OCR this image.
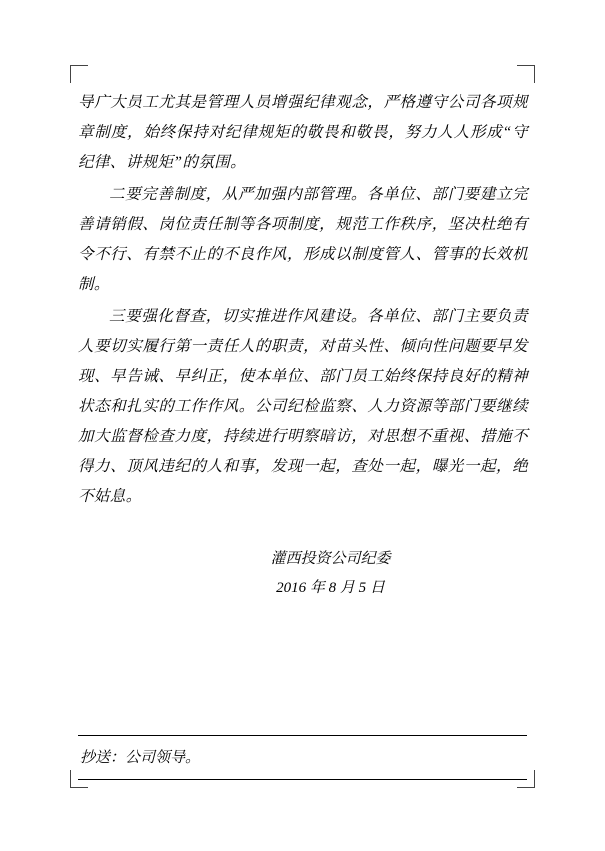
导广大员工尤其是管理人员增强纪律观念，严格遵守公司各项规章制度，始终保持对纪律规矩的敬畏和敬畏，努力人人形成“守纪律、讲规矩”的氛围。

二要完善制度，从严加强内部管理。各单位、部门要建立完善请销假、岗位责任制等各项制度，规范工作秩序，坚决杜绝有令不行、有禁不止的不良作风，形成以制度管人、管事的长效机制。

三要强化督查，切实推进作风建设。各单位、部门主要负责人要切实履行第一责任人的职责，对苗头性、倾向性问题要早发现、早告诫、早纠正，使本单位、部门员工始终保持良好的精神状态和扎实的工作作风。公司纪检监察、人力资源等部门要继续加大监督检查力度，持续进行明察暗访，对思想不重视、措施不得力、顶风违纪的人和事，发现一起，查处一起，曝光一起，绝不姑息。

灌西投资公司纪委
2016 年 8 月 5 日
抄送：公司领导。
